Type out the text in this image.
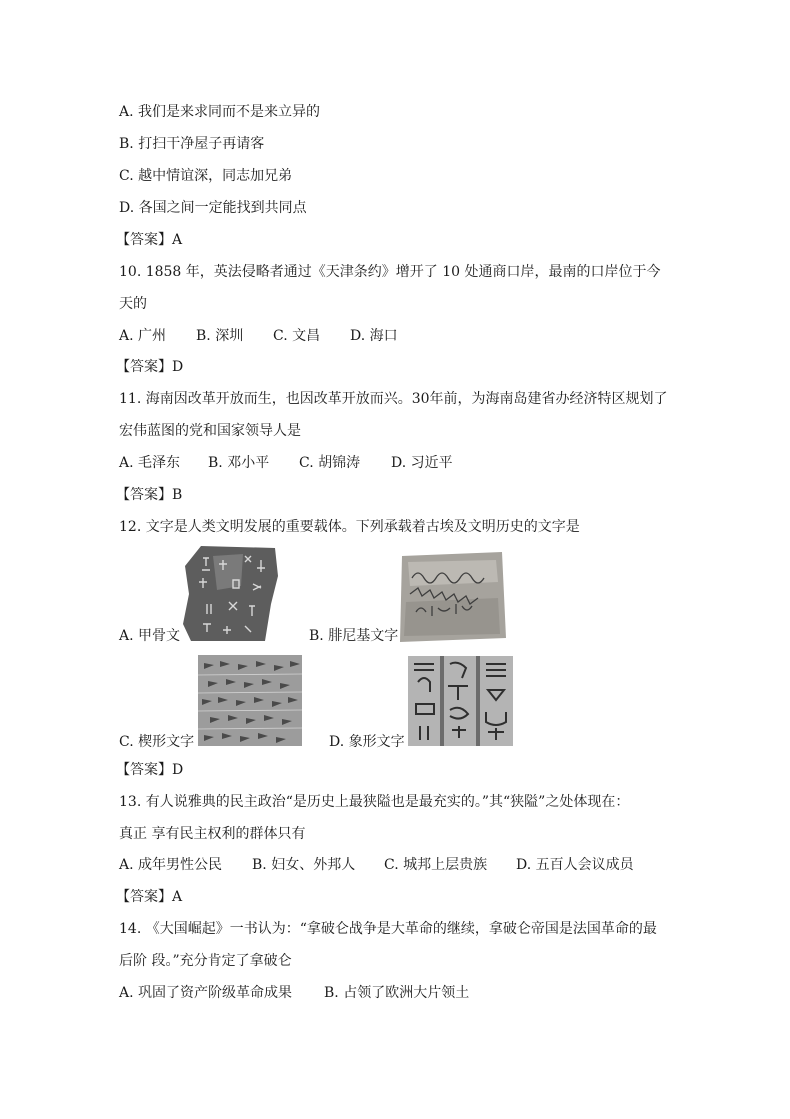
A. 我们是来求同而不是来立异的
B. 打扫干净屋子再请客
C. 越中情谊深，同志加兄弟
D. 各国之间一定能找到共同点
【答案】A
10. 1858 年，英法侵略者通过《天津条约》增开了 10 处通商口岸，最南的口岸位于今
天的
A. 广州 B. 深圳 C. 文昌 D. 海口
【答案】D
11. 海南因改革开放而生，也因改革开放而兴。30年前，为海南岛建省办经济特区规划了
宏伟蓝图的党和国家领导人是
A. 毛泽东 B. 邓小平 C. 胡锦涛 D. 习近平
【答案】B
12. 文字是人类文明发展的重要载体。下列承载着古埃及文明历史的文字是
A. 甲骨文	B. 腓尼基文字
C. 楔形文字	D. 象形文字
【答案】D
13. 有人说雅典的民主政治“是历史上最狭隘也是最充实的。”其“狭隘”之处体现在：
真正 享有民主权利的群体只有
A. 成年男性公民 B. 妇女、外邦人 C. 城邦上层贵族 D. 五百人会议成员
【答案】A
14. 《大国崛起》一书认为：“拿破仑战争是大革命的继续，拿破仑帝国是法国革命的最
后阶 段。”充分肯定了拿破仑
A. 巩固了资产阶级革命成果 B. 占领了欧洲大片领土
